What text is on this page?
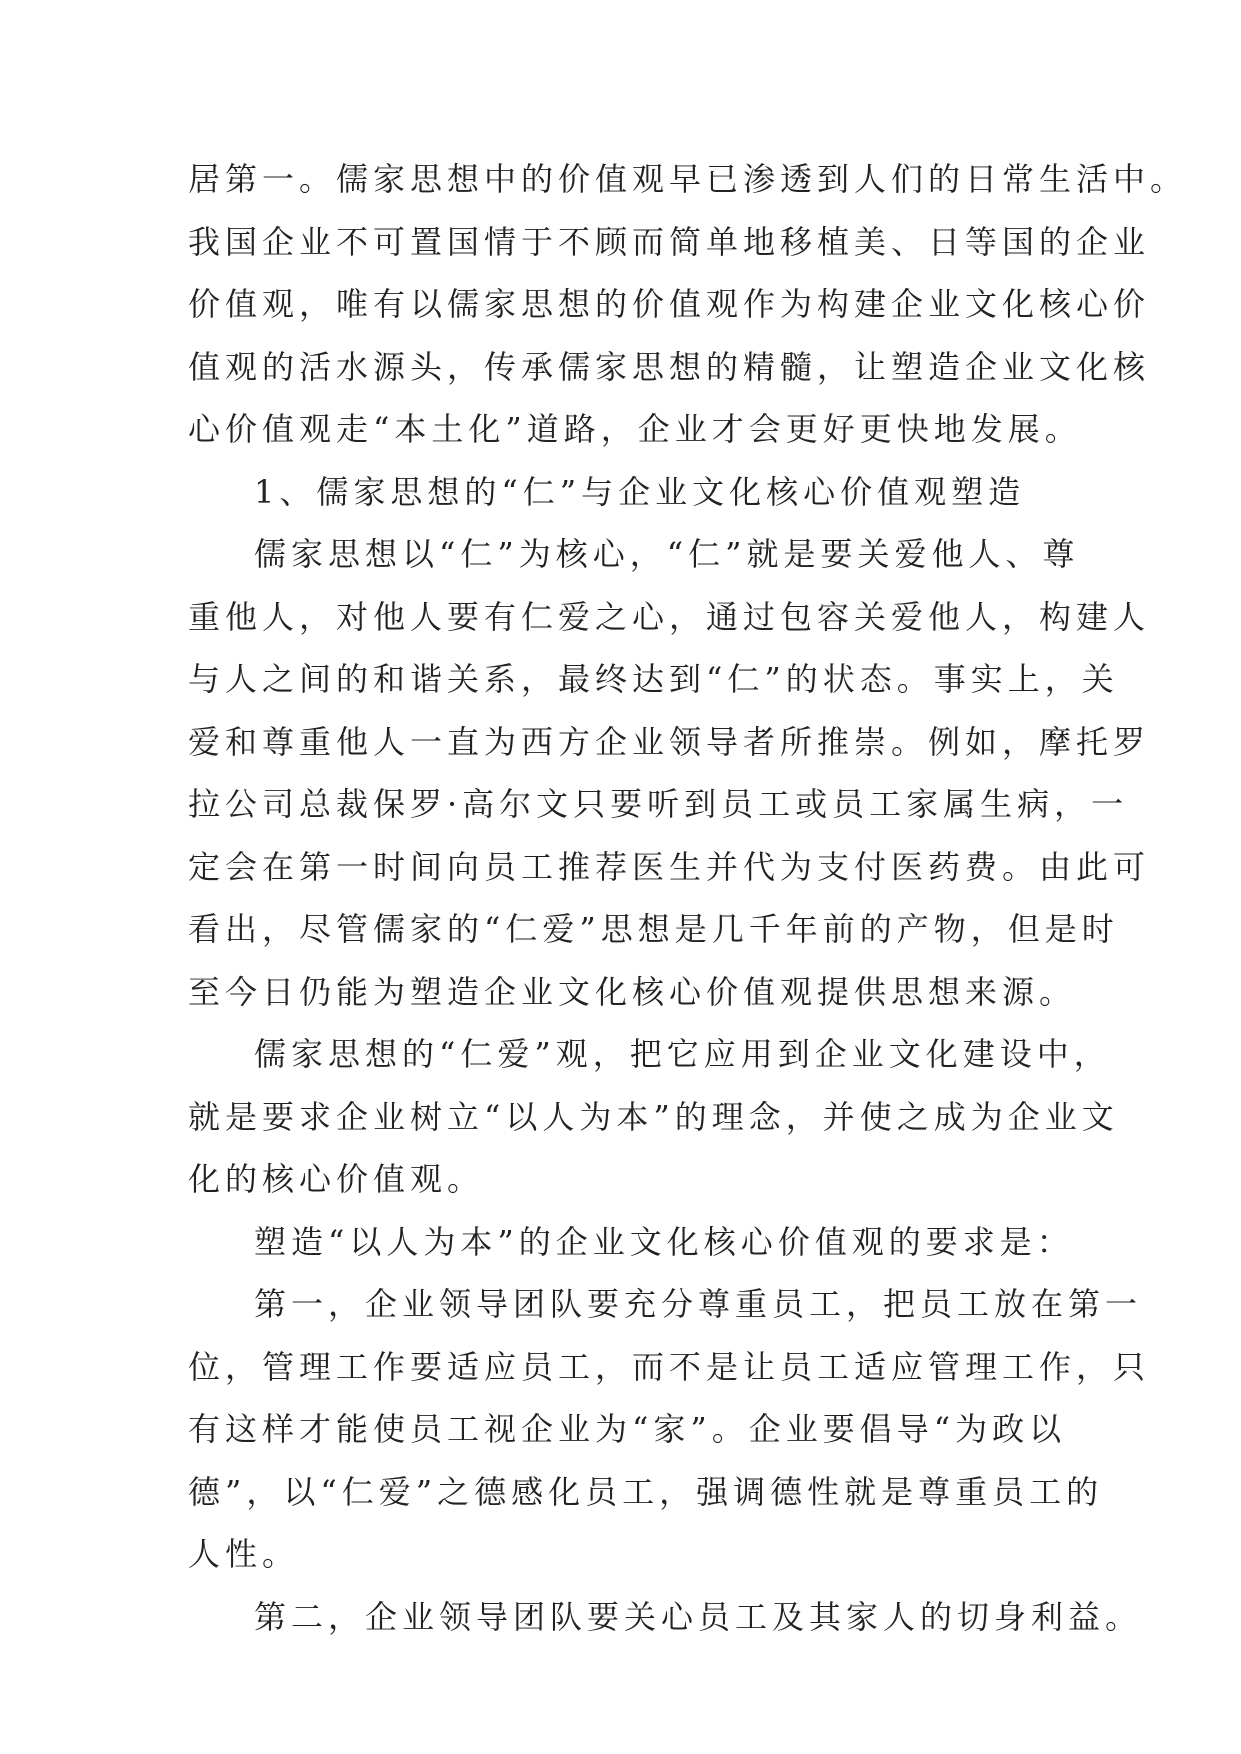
居第一。儒家思想中的价值观早已渗透到人们的日常生活中。
我国企业不可置国情于不顾而简单地移植美、日等国的企业
价值观，唯有以儒家思想的价值观作为构建企业文化核心价
值观的活水源头，传承儒家思想的精髓，让塑造企业文化核
心价值观走“本土化”道路，企业才会更好更快地发展。

1、儒家思想的“仁”与企业文化核心价值观塑造

儒家思想以“仁”为核心，“仁”就是要关爱他人、尊
重他人，对他人要有仁爱之心，通过包容关爱他人，构建人
与人之间的和谐关系，最终达到“仁”的状态。事实上，关
爱和尊重他人一直为西方企业领导者所推崇。例如，摩托罗
拉公司总裁保罗·高尔文只要听到员工或员工家属生病，一
定会在第一时间向员工推荐医生并代为支付医药费。由此可
看出，尽管儒家的“仁爱”思想是几千年前的产物，但是时
至今日仍能为塑造企业文化核心价值观提供思想来源。

儒家思想的“仁爱”观，把它应用到企业文化建设中，
就是要求企业树立“以人为本”的理念，并使之成为企业文
化的核心价值观。

塑造“以人为本”的企业文化核心价值观的要求是：

第一，企业领导团队要充分尊重员工，把员工放在第一
位，管理工作要适应员工，而不是让员工适应管理工作，只
有这样才能使员工视企业为“家”。企业要倡导“为政以
德”，以“仁爱”之德感化员工，强调德性就是尊重员工的
人性。

第二，企业领导团队要关心员工及其家人的切身利益。
